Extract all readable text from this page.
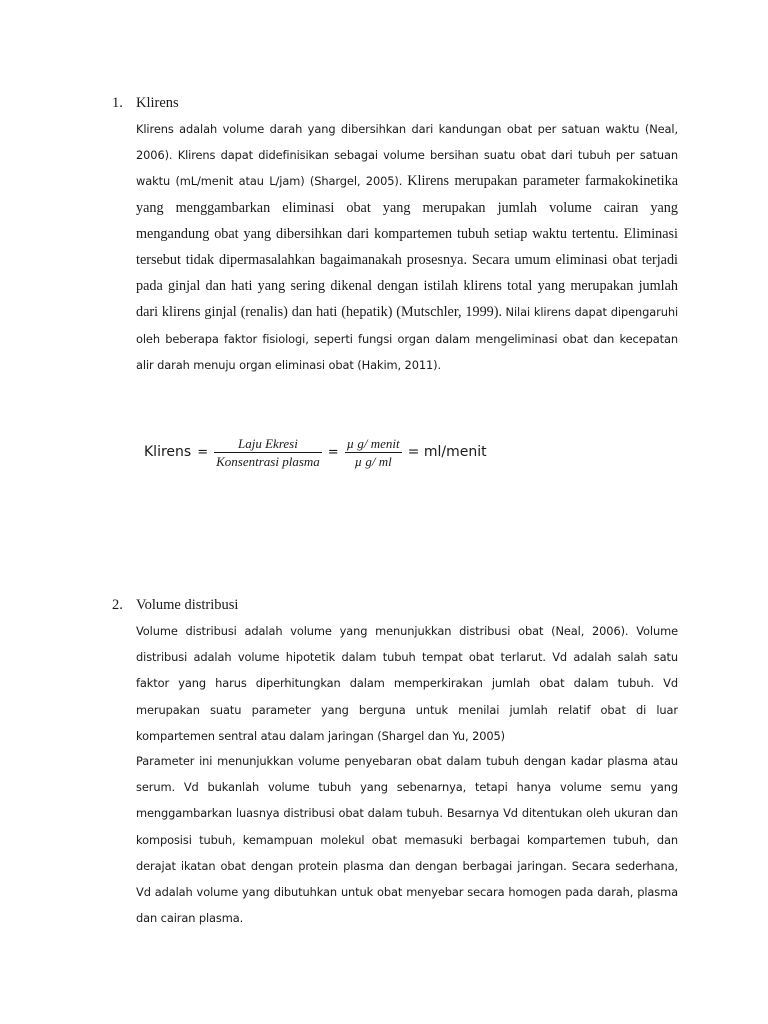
1. Klirens

Klirens adalah volume darah yang dibersihkan dari kandungan obat per satuan waktu (Neal, 2006). Klirens dapat didefinisikan sebagai volume bersihan suatu obat dari tubuh per satuan waktu (mL/menit atau L/jam) (Shargel, 2005). Klirens merupakan parameter farmakokinetika yang menggambarkan eliminasi obat yang merupakan jumlah volume cairan yang mengandung obat yang dibersihkan dari kompartemen tubuh setiap waktu tertentu. Eliminasi tersebut tidak dipermasalahkan bagaimanakah prosesnya. Secara umum eliminasi obat terjadi pada ginjal dan hati yang sering dikenal dengan istilah klirens total yang merupakan jumlah dari klirens ginjal (renalis) dan hati (hepatik) (Mutschler, 1999). Nilai klirens dapat dipengaruhi oleh beberapa faktor fisiologi, seperti fungsi organ dalam mengeliminasi obat dan kecepatan alir darah menuju organ eliminasi obat (Hakim, 2011).

Klirens = $\frac{\text{Laju Ekresi}}{\text{Konsentrasi plasma}} = \frac{\text{µ g/ menit}}{\text{µ g/ ml}}$ = ml/menit
2. Volume distribusi

Volume distribusi adalah volume yang menunjukkan distribusi obat (Neal, 2006). Volume distribusi adalah volume hipotetik dalam tubuh tempat obat terlarut. Vd adalah salah satu faktor yang harus diperhitungkan dalam memperkirakan jumlah obat dalam tubuh. Vd merupakan suatu parameter yang berguna untuk menilai jumlah relatif obat di luar kompartemen sentral atau dalam jaringan (Shargel dan Yu, 2005)

Parameter ini menunjukkan volume penyebaran obat dalam tubuh dengan kadar plasma atau serum. Vd bukanlah volume tubuh yang sebenarnya, tetapi hanya volume semu yang menggambarkan luasnya distribusi obat dalam tubuh. Besarnya Vd ditentukan oleh ukuran dan komposisi tubuh, kemampuan molekul obat memasuki berbagai kompartemen tubuh, dan derajat ikatan obat dengan protein plasma dan dengan berbagai jaringan. Secara sederhana, Vd adalah volume yang dibutuhkan untuk obat menyebar secara homogen pada darah, plasma dan cairan plasma.
